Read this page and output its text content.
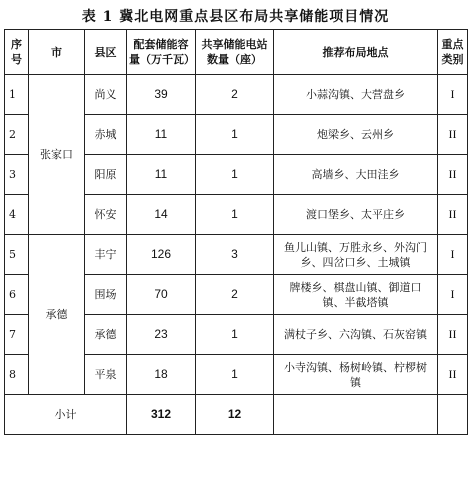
表 1 冀北电网重点县区布局共享储能项目情况
序号	市	县区	配套储能容量（万千瓦）	共享储能电站数量（座）	推荐布局地点	重点类别
1	张家口	尚义	39	2	小蒜沟镇、大营盘乡	I
2		赤城	11	1	炮梁乡、云州乡	II
3		阳原	11	1	高墙乡、大田洼乡	II
4		怀安	14	1	渡口堡乡、太平庄乡	II
5	承德	丰宁	126	3	鱼儿山镇、万胜永乡、外沟门乡、四岔口乡、土城镇	I
6		围场	70	2	牌楼乡、棋盘山镇、御道口镇、半截塔镇	I
7		承德	23	1	满杖子乡、六沟镇、石灰窑镇	II
8		平泉	18	1	小寺沟镇、杨树岭镇、柠椤树镇	II
小计			312	12		
